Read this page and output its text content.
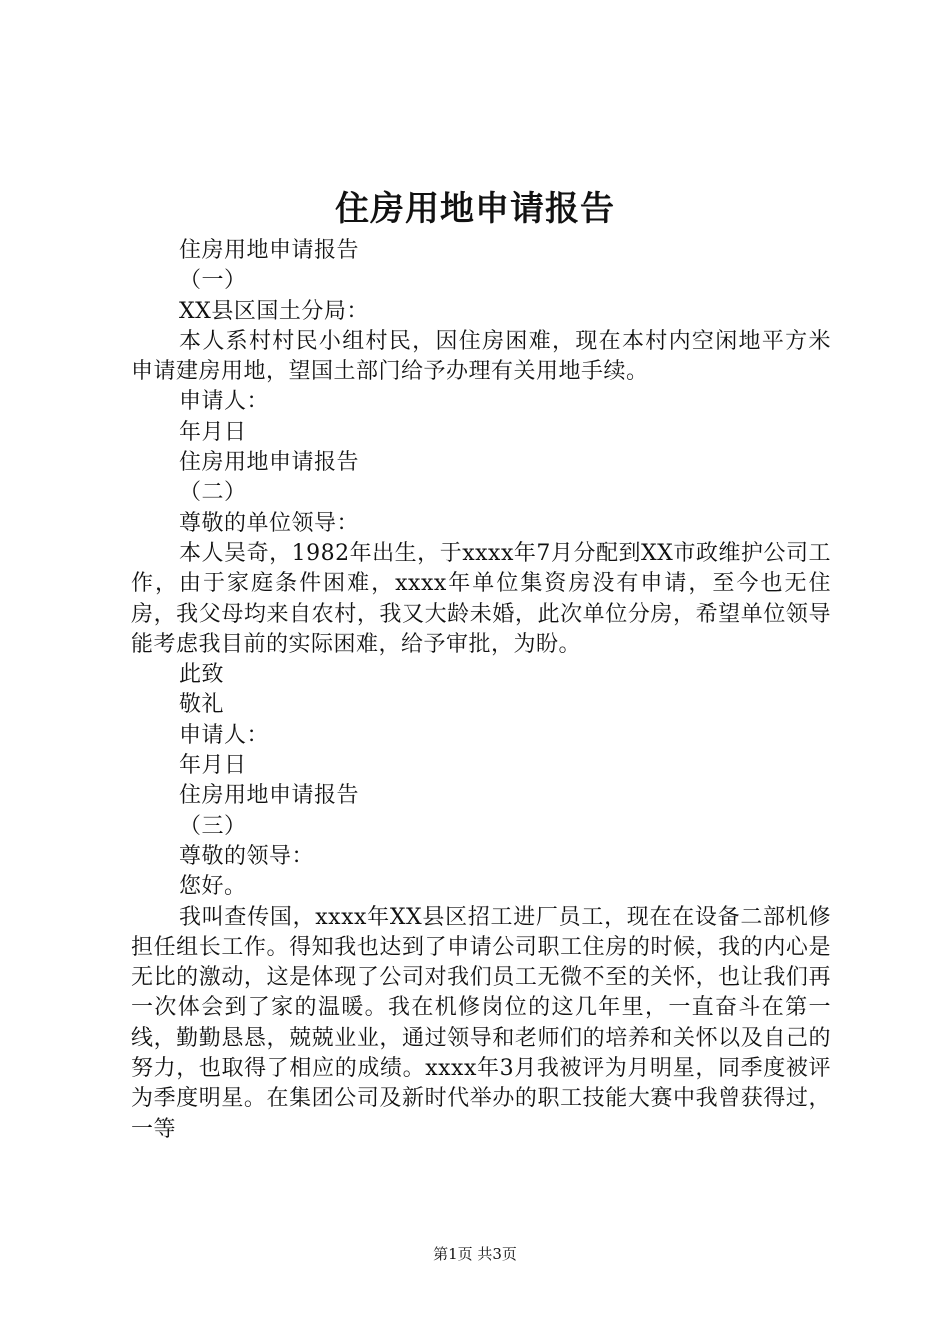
住房用地申请报告
住房用地申请报告
（一）
XX县区国土分局：
本人系村村民小组村民，因住房困难，现在本村内空闲地平方米申请建房用地，望国土部门给予办理有关用地手续。
申请人：
年月日
住房用地申请报告
（二）
尊敬的单位领导：
本人吴奇，1982年出生，于xxxx年7月分配到XX市政维护公司工作，由于家庭条件困难，xxxx年单位集资房没有申请，至今也无住房，我父母均来自农村，我又大龄未婚，此次单位分房，希望单位领导能考虑我目前的实际困难，给予审批，为盼。
此致
敬礼
申请人：
年月日
住房用地申请报告
（三）
尊敬的领导：
您好。
我叫查传国，xxxx年XX县区招工进厂员工，现在在设备二部机修担任组长工作。得知我也达到了申请公司职工住房的时候，我的内心是无比的激动，这是体现了公司对我们员工无微不至的关怀，也让我们再一次体会到了家的温暖。我在机修岗位的这几年里，一直奋斗在第一线，勤勤恳恳，兢兢业业，通过领导和老师们的培养和关怀以及自己的努力，也取得了相应的成绩。xxxx年3月我被评为月明星，同季度被评为季度明星。在集团公司及新时代举办的职工技能大赛中我曾获得过，一等
第1页 共3页
